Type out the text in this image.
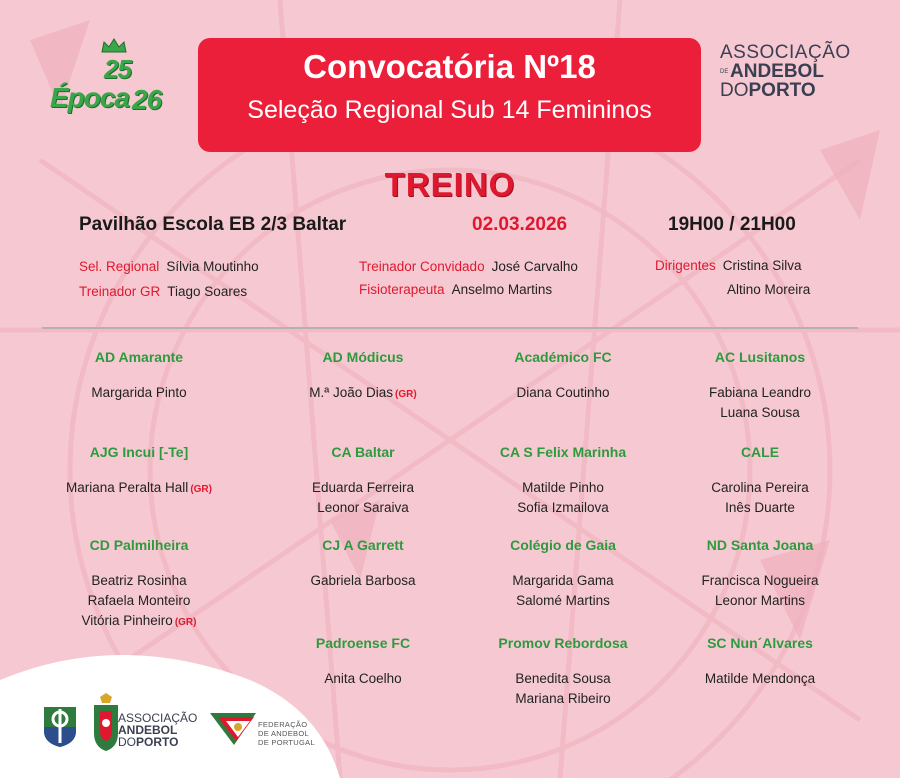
25
Época 26
Convocatória Nº18
Seleção Regional Sub 14 Femininos
ASSOCIAÇÃO
DEANDEBOL
DOPORTO
TREINO
Pavilhão Escola EB 2/3 Baltar	02.03.2026	19H00 / 21H00
Sel. Regional Sílvia Moutinho
Treinador GR Tiago Soares
Treinador Convidado José Carvalho
Fisioterapeuta Anselmo Martins
Dirigentes Cristina Silva
Altino Moreira
AD Amarante
Margarida Pinto
AD Módicus
M.ª João Dias (GR)
Académico FC
Diana Coutinho
AC Lusitanos
Fabiana Leandro
Luana Sousa
AJG Incui [-Te]
Mariana Peralta Hall (GR)
CA Baltar
Eduarda Ferreira
Leonor Saraiva
CA S Felix Marinha
Matilde Pinho
Sofia Izmailova
CALE
Carolina Pereira
Inês Duarte
CD Palmilheira
Beatriz Rosinha
Rafaela Monteiro
Vitória Pinheiro (GR)
CJ A Garrett
Gabriela Barbosa
Colégio de Gaia
Margarida Gama
Salomé Martins
ND Santa Joana
Francisca Nogueira
Leonor Martins
Padroense FC
Anita Coelho
Promov Rebordosa
Benedita Sousa
Mariana Ribeiro
SC Nun´Alvares
Matilde Mendonça
ASSOCIAÇÃO
ANDEBOL
DOPORTO
FEDERAÇÃO
DE ANDEBOL
DE PORTUGAL
